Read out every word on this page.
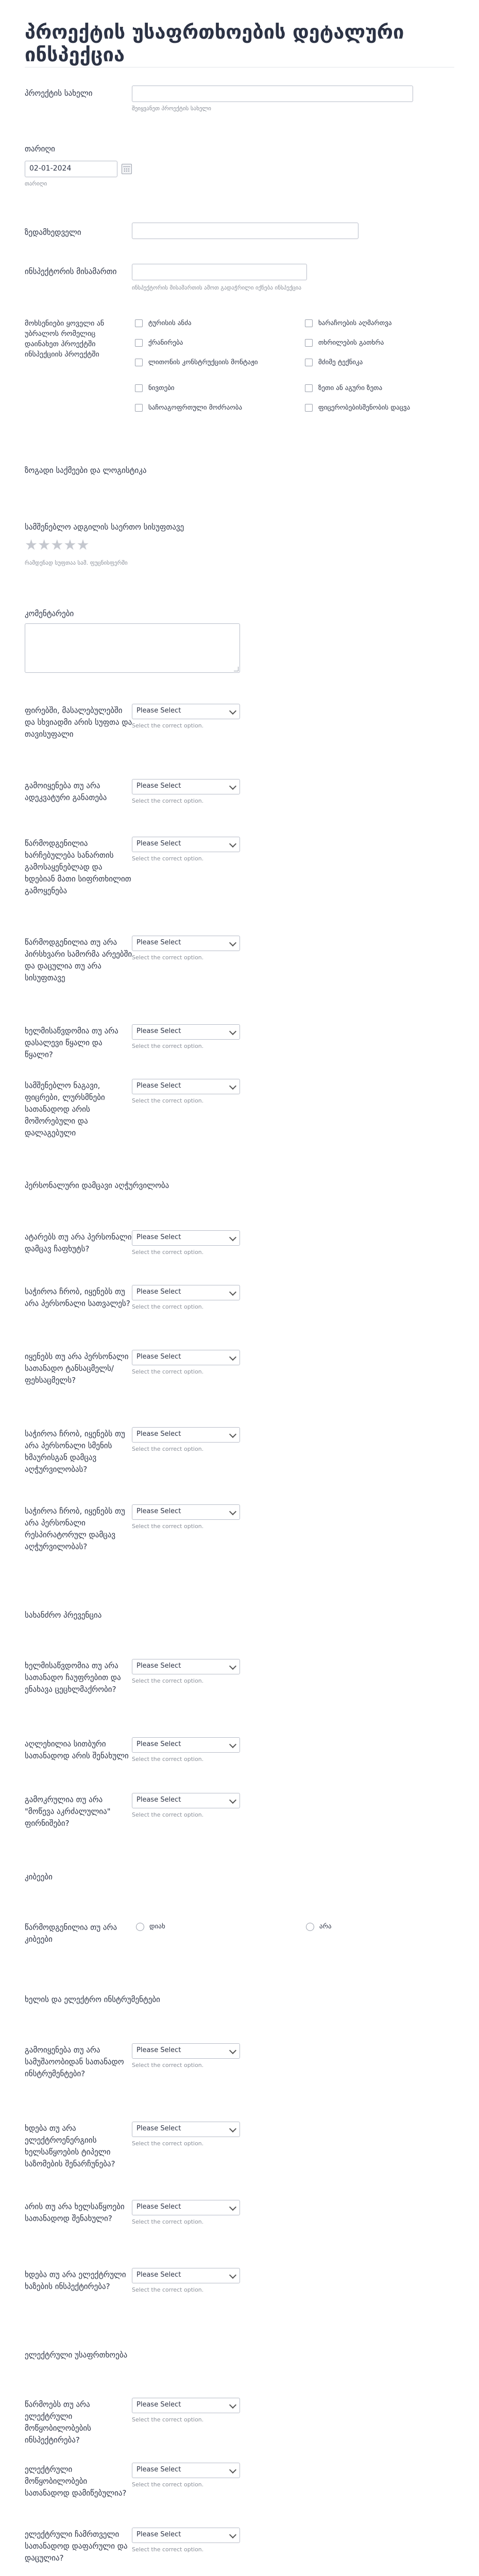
პროექტის უსაფრთხოების დეტალური ინსპექცია
პროექტის სახელი
შეიყვანეთ პროექტის სახელი
თარიღი
02-01-2024
თარიღი
ზედამხედველი
ინსპექტორის მისამართი
ინსპექტორის მისამართის ამოთ გადაჭრილი იქნება ინსპექცია
მოხსენიები ყოველი ან უბრალოს რომელიც დაინახეთ პროექტში ინსპექციის პროექტში
ტურისის ანძა	ხარაჩოების აღმართვა
ქრანირება	თხრილების გათხრა
ლითონის კონსტრუქციის მონტაჟი	მძიმე ტექნიკა
ნივთები	ზეთი ან აგური ზეთა
საჩოაგოფრთული მოძრაობა	ფიცერობებისშენობის დაცვა
ზოგადი საქმეები და ლოგისტიკა
სამშენებლო ადგილის საერთო სისუფთავე
★★★★★
რამდენად სუფთაა სამ. ფუცნისფერში
კომენტარები
ფირებში, მასალებულებში და სხვიადმი არის სუფთა და თავისუფალი
Please Select
Select the correct option.
გამოიყენება თუ არა ადეკვატური განათება
Please Select
Select the correct option.
წარმოდგენილია ხარჩებულება სანართის გამოსაყენებლად და ხდებიან მათი სიფრთხილით გამოყენება
Please Select
Select the correct option.
წარმოდგენილია თუ არა პირსხვარი სამორმა არეებში და დაცულია თუ არა სისუფთავე
Please Select
Select the correct option.
ხელმისაწვდომია თუ არა დასალევი წყალი და წყალი?
Please Select
Select the correct option.
სამშენებლო ნაგავი, ფიცრები, ლურსმნები სათანადოდ არის მოშორებული და დალაგებული
Please Select
Select the correct option.
პერსონალური დამცავი აღჭურვილობა
ატარებს თუ არა პერსონალი დამცავ ჩაფხუტს?
Please Select
Select the correct option.
საჭიროა ჩრობ, იყენებს თუ არა პერსონალი სათვალეს?
Please Select
Select the correct option.
იყენებს თუ არა პერსონალი სათანადო ტანსაცმელს/ ფეხსაცმელს?
Please Select
Select the correct option.
საჭიროა ჩრობ, იყენებს თუ არა პერსონალი სმენის ხმაურისგან დამცავ აღჭურვილობას?
Please Select
Select the correct option.
საჭიროა ჩრობ, იყენებს თუ არა პერსონალი რესპირატორულ დამცავ აღჭურვილობას?
Please Select
Select the correct option.
სახანძრო პრევენცია
ხელმისაწვდომია თუ არა სათანადო ჩაუფრებით და ენახავა ცეცხლმაქრობი?
Please Select
Select the correct option.
აღლეხილია სითბური სათანადოდ არის შენახული
Please Select
Select the correct option.
გამოკრულია თუ არა "მოწევა აკრძალულია" ფირნიშები?
Please Select
Select the correct option.
კიბეები
წარმოდგენილია თუ არა კიბეები
დიახ	არა
ხელის და ელექტრო ინსტრუმენტები
გამოიყენება თუ არა სამუშაოობიდან სათანადო ინსტრუმენტები?
Please Select
Select the correct option.
ხდება თუ არა ელექტროენერგიის ხელსაწყოების ტიპელი საზომების შენარჩუნება?
Please Select
Select the correct option.
არის თუ არა ხელსაწყოები სათანადოდ შენახული?
Please Select
Select the correct option.
ხდება თუ არა ელექტრული ხაზების ინსპექტირება?
Please Select
Select the correct option.
ელექტრული უსაფრთხოება
წარმოებს თუ არა ელექტრული მოწყობილობების ინსპექტირება?
Please Select
Select the correct option.
ელექტრული მოწყობილობები სათანადოდ დამიწებულია?
Please Select
Select the correct option.
ელექტრული ჩამრთველი სათანადოდ დაფარული და დაცულია?
Please Select
Select the correct option.
